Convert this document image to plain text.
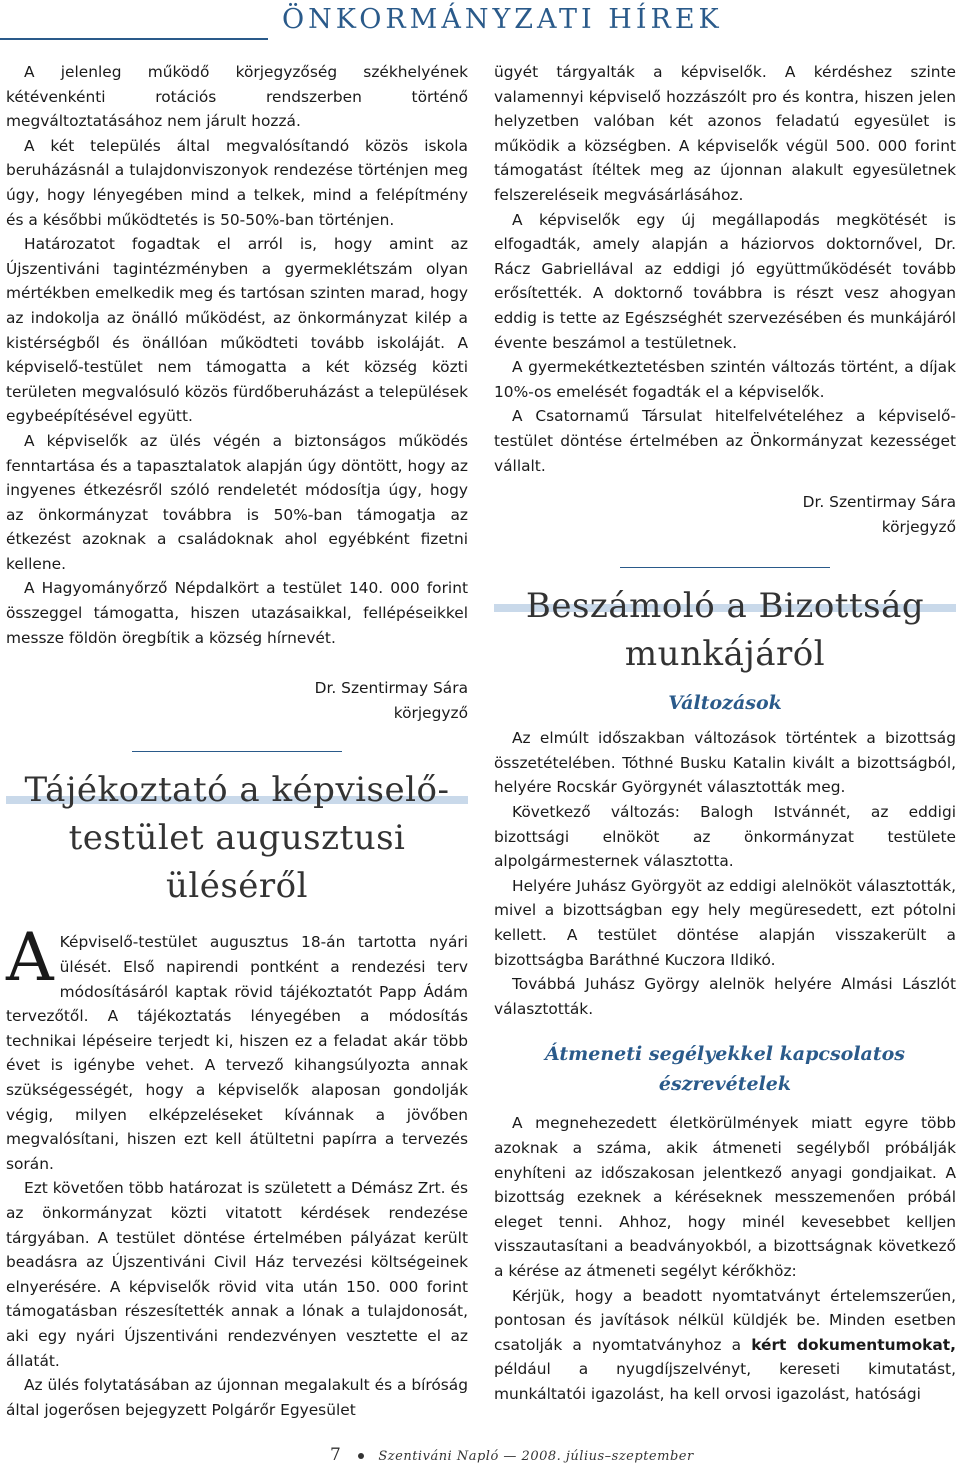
ÖNKORMÁNYZATI HÍREK

A jelenleg működő körjegyzőség székhelyének kétévenkénti rotációs rendszerben történő megváltoztatásához nem járult hozzá.

A két település által megvalósítandó közös iskola beruházásnál a tulajdonviszonyok rendezése történjen meg úgy, hogy lényegében mind a telkek, mind a felépítmény és a későbbi működtetés is 50-50%-ban történjen.

Határozatot fogadtak el arról is, hogy amint az Újszentiváni tagintézményben a gyermeklétszám olyan mértékben emelkedik meg és tartósan szinten marad, hogy az indokolja az önálló működést, az önkormányzat kilép a kistérségből és önállóan működteti tovább iskoláját. A képviselő-testület nem támogatta a két község közti területen megvalósuló közös fürdőberuházást a települések egybeépítésével együtt.

A képviselők az ülés végén a biztonságos működés fenntartása és a tapasztalatok alapján úgy döntött, hogy az ingyenes étkezésről szóló rendeletét módosítja úgy, hogy az önkormányzat továbbra is 50%-ban támogatja az étkezést azoknak a családoknak ahol egyébként fizetni kellene.

A Hagyományőrző Népdalkört a testület 140. 000 forint összeggel támogatta, hiszen utazásaikkal, fellépéseikkel messze földön öregbítik a község hírnevét.

Dr. Szentirmay Sára

körjegyző

Tájékoztató a képviselő-testület augusztusi üléséről

A Képviselő-testület augusztus 18-án tartotta nyári ülését. Első napirendi pontként a rendezési terv módosításáról kaptak rövid tájékoztatót Papp Ádám tervezőtől. A tájékoztatás lényegében a módosítás technikai lépéseire terjedt ki, hiszen ez a feladat akár több évet is igénybe vehet. A tervező kihangsúlyozta annak szükségességét, hogy a képviselők alaposan gondolják végig, milyen elképzeléseket kívánnak a jövőben megvalósítani, hiszen ezt kell átültetni papírra a tervezés során.

Ezt követően több határozat is született a Démász Zrt. és az önkormányzat közti vitatott kérdések rendezése tárgyában. A testület döntése értelmében pályázat került beadásra az Újszentiváni Civil Ház tervezési költségeinek elnyerésére. A képviselők rövid vita után 150. 000 forint támogatásban részesítették annak a lónak a tulajdonosát, aki egy nyári Újszentiváni rendezvényen vesztette el az állatát.

Az ülés folytatásában az újonnan megalakult és a bíróság által jogerősen bejegyzett Polgárőr Egyesület

ügyét tárgyalták a képviselők. A kérdéshez szinte valamennyi képviselő hozzászólt pro és kontra, hiszen jelen helyzetben valóban két azonos feladatú egyesület is működik a községben. A képviselők végül 500. 000 forint támogatást ítéltek meg az újonnan alakult egyesületnek felszereléseik megvásárlásához.

A képviselők egy új megállapodás megkötését is elfogadták, amely alapján a háziorvos doktornővel, Dr. Rácz Gabriellával az eddigi jó együttműködését tovább erősítették. A doktornő továbbra is részt vesz ahogyan eddig is tette az Egészséghét szervezésében és munkájáról évente beszámol a testületnek.

A gyermekétkeztetésben szintén változás történt, a díjak 10%-os emelését fogadták el a képviselők.

A Csatornamű Társulat hitelfelvételéhez a képviselő-testület döntése értelmében az Önkormányzat kezességet vállalt.

Dr. Szentirmay Sára

körjegyző

Beszámoló a Bizottság munkájáról
Változások

Az elmúlt időszakban változások történtek a bizottság összetételében. Tóthné Busku Katalin kivált a bizottságból, helyére Rocskár Györgynét választották meg.

Következő változás: Balogh Istvánnét, az eddigi bizottsági elnököt az önkormányzat testülete alpolgármesternek választotta.

Helyére Juhász Györgyöt az eddigi alelnököt választották, mivel a bizottságban egy hely megüresedett, ezt pótolni kellett. A testület döntése alapján visszakerült a bizottságba Baráthné Kuczora Ildikó.

Továbbá Juhász György alelnök helyére Almási Lászlót választották.

Átmeneti segélyekkel kapcsolatos észrevételek

A megnehezedett életkörülmények miatt egyre több azoknak a száma, akik átmeneti segélyből próbálják enyhíteni az időszakosan jelentkező anyagi gondjaikat. A bizottság ezeknek a kéréseknek messzemenően próbál eleget tenni. Ahhoz, hogy minél kevesebbet kelljen visszautasítani a beadványokból, a bizottságnak következő a kérése az átmeneti segélyt kérőkhöz:

Kérjük, hogy a beadott nyomtatványt értelemszerűen, pontosan és javítások nélkül küldjék be. Minden esetben csatolják a nyomtatványhoz a kért dokumentumokat, például a nyugdíjszelvényt, kereseti kimutatást, munkáltatói igazolást, ha kell orvosi igazolást, hatósági

7	Szentiváni Napló — 2008. július–szeptember
